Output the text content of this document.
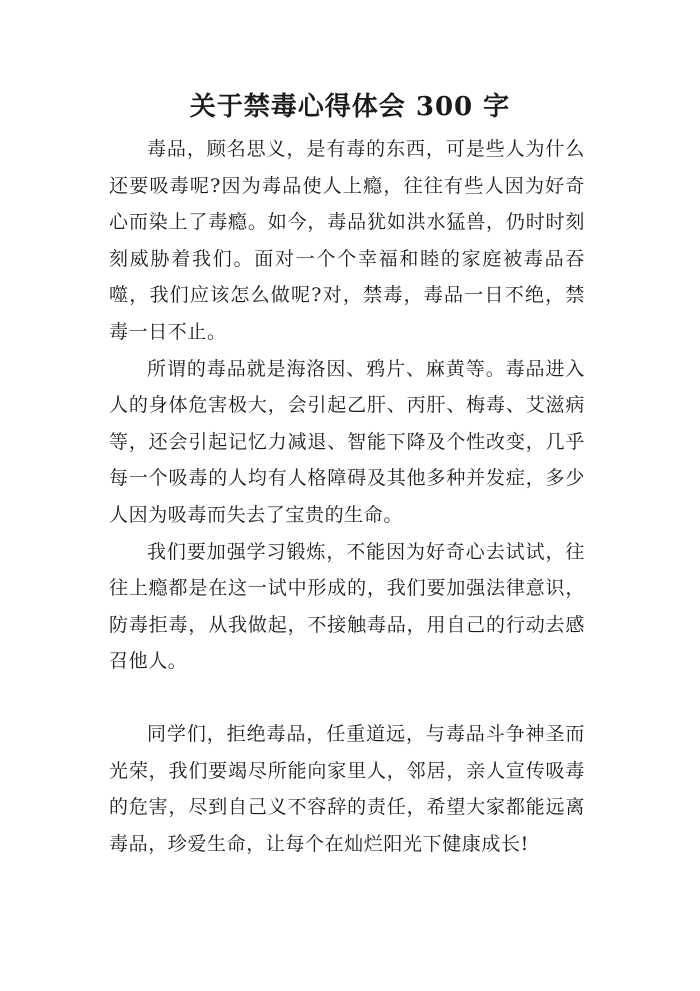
关于禁毒心得体会 300 字

毒品，顾名思义，是有毒的东西，可是些人为什么还要吸毒呢?因为毒品使人上瘾，往往有些人因为好奇心而染上了毒瘾。如今，毒品犹如洪水猛兽，仍时时刻刻威胁着我们。面对一个个幸福和睦的家庭被毒品吞噬，我们应该怎么做呢?对，禁毒，毒品一日不绝，禁毒一日不止。

所谓的毒品就是海洛因、鸦片、麻黄等。毒品进入人的身体危害极大，会引起乙肝、丙肝、梅毒、艾滋病等，还会引起记忆力减退、智能下降及个性改变，几乎每一个吸毒的人均有人格障碍及其他多种并发症，多少人因为吸毒而失去了宝贵的生命。

我们要加强学习锻炼，不能因为好奇心去试试，往往上瘾都是在这一试中形成的，我们要加强法律意识，防毒拒毒，从我做起，不接触毒品，用自己的行动去感召他人。

同学们，拒绝毒品，任重道远，与毒品斗争神圣而光荣，我们要竭尽所能向家里人，邻居，亲人宣传吸毒的危害，尽到自己义不容辞的责任，希望大家都能远离毒品，珍爱生命，让每个在灿烂阳光下健康成长!
